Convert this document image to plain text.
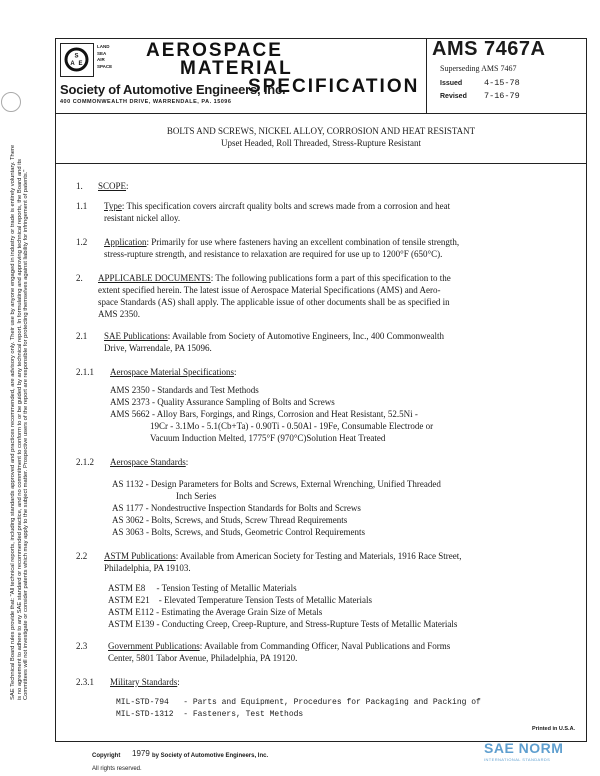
S
A E
LAND
SEA
AIR
SPACE
AEROSPACE
MATERIAL
SPECIFICATION
Society of Automotive Engineers, Inc.
400 COMMONWEALTH DRIVE, WARRENDALE, PA. 15096
AMS 7467A
Superseding AMS 7467
Issued	4-15-78
Revised 7-16-79
BOLTS AND SCREWS, NICKEL ALLOY, CORROSION AND HEAT RESISTANT
Upset Headed, Roll Threaded, Stress-Rupture Resistant
1. SCOPE:
1.1 Type: This specification covers aircraft quality bolts and screws made from a corrosion and heat
resistant nickel alloy.
1.2 Application: Primarily for use where fasteners having an excellent combination of tensile strength,
stress-rupture strength, and resistance to relaxation are required for use up to 1200°F (650°C).
2. APPLICABLE DOCUMENTS: The following publications form a part of this specification to the
extent specified herein. The latest issue of Aerospace Material Specifications (AMS) and Aero-
space Standards (AS) shall apply. The applicable issue of other documents shall be as specified in
AMS 2350.
2.1 SAE Publications: Available from Society of Automotive Engineers, Inc., 400 Commonwealth
Drive, Warrendale, PA 15096.
2.1.1 Aerospace Material Specifications:
AMS 2350 - Standards and Test Methods
AMS 2373 - Quality Assurance Sampling of Bolts and Screws
AMS 5662 - Alloy Bars, Forgings, and Rings, Corrosion and Heat Resistant, 52.5Ni -
19Cr - 3.1Mo - 5.1(Cb+Ta) - 0.90Ti - 0.50Al - 19Fe, Consumable Electrode or
Vacuum Induction Melted, 1775°F (970°C)Solution Heat Treated
2.1.2 Aerospace Standards:
AS 1132 - Design Parameters for Bolts and Screws, External Wrenching, Unified Threaded
Inch Series
AS 1177 - Nondestructive Inspection Standards for Bolts and Screws
AS 3062 - Bolts, Screws, and Studs, Screw Thread Requirements
AS 3063 - Bolts, Screws, and Studs, Geometric Control Requirements
2.2 ASTM Publications: Available from American Society for Testing and Materials, 1916 Race Street,
Philadelphia, PA 19103.
ASTM E8     - Tension Testing of Metallic Materials
ASTM E21    - Elevated Temperature Tension Tests of Metallic Materials
ASTM E112 - Estimating the Average Grain Size of Metals
ASTM E139 - Conducting Creep, Creep-Rupture, and Stress-Rupture Tests of Metallic Materials
2.3 Government Publications: Available from Commanding Officer, Naval Publications and Forms
Center, 5801 Tabor Avenue, Philadelphia, PA 19120.
2.3.1 Military Standards:
MIL-STD-794   - Parts and Equipment, Procedures for Packaging and Packing of
MIL-STD-1312  - Fasteners, Test Methods
SAE Technical Board rules provide that: "All technical reports, including standards approved and practices recommended, are advisory only. Their use by anyone engaged in industry or trade is entirely voluntary. There is no agreement to adhere to any SAE standard or recommended practice, and no commitment to conform to or be guided by any technical report. In formulating and approving technical reports, the Board and its Committees will not investigate or consider patents which may apply to the subject matter. Prospective users of the report are responsible for protecting themselves against liability for infringement of patents."
Copyright 1979 by Society of Automotive Engineers, Inc.
All rights reserved.
Printed in U.S.A.
SAE NORM
INTERNATIONAL STANDARDS
